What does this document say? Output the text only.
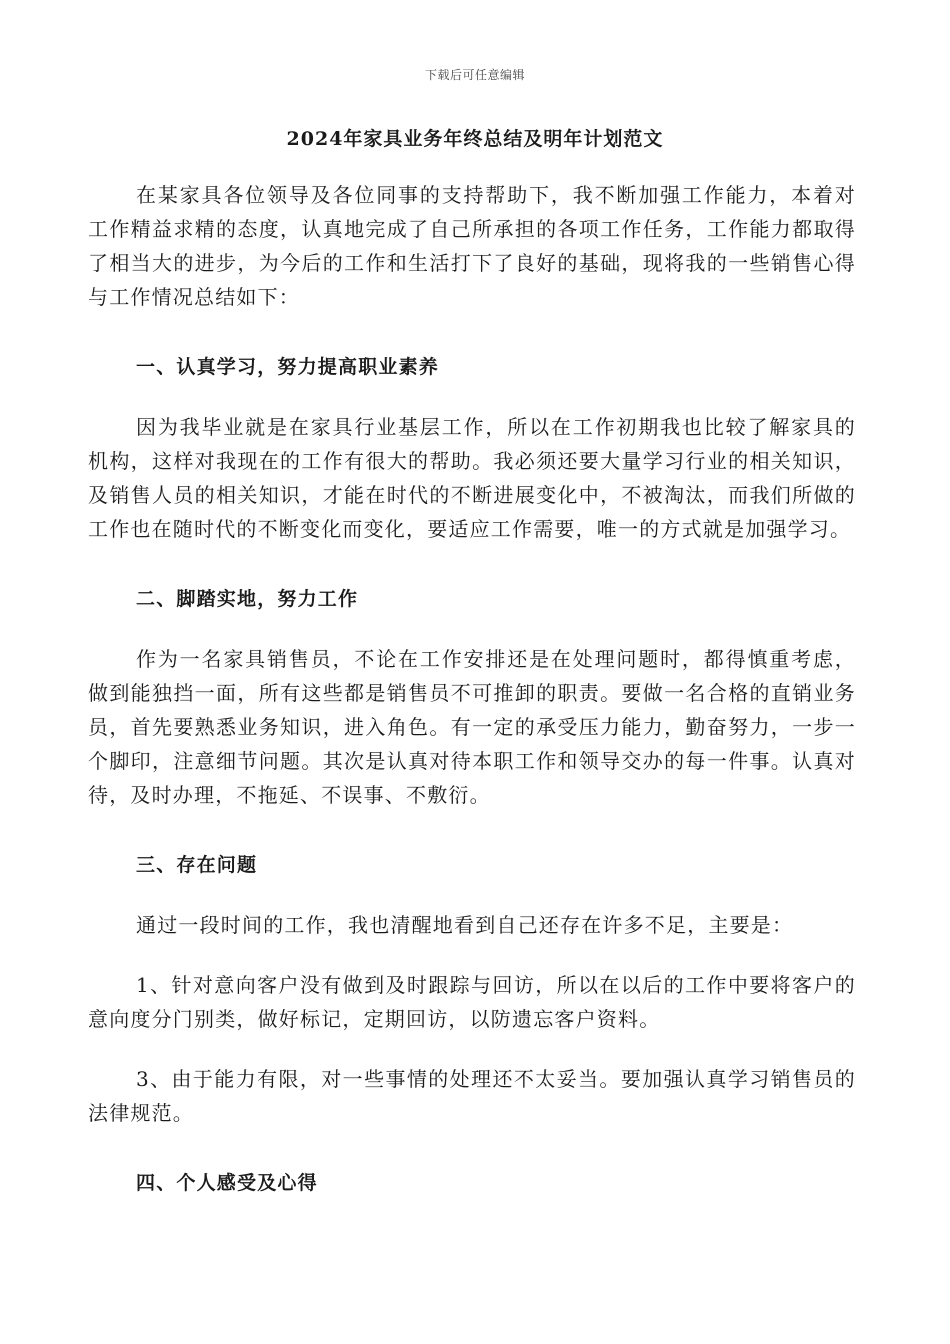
下载后可任意编辑
2024年家具业务年终总结及明年计划范文

在某家具各位领导及各位同事的支持帮助下，我不断加强工作能力，本着对工作精益求精的态度，认真地完成了自己所承担的各项工作任务，工作能力都取得了相当大的进步，为今后的工作和生活打下了良好的基础，现将我的一些销售心得与工作情况总结如下：

一、认真学习，努力提高职业素养

因为我毕业就是在家具行业基层工作，所以在工作初期我也比较了解家具的机构，这样对我现在的工作有很大的帮助。我必须还要大量学习行业的相关知识，及销售人员的相关知识，才能在时代的不断进展变化中，不被淘汰，而我们所做的工作也在随时代的不断变化而变化，要适应工作需要，唯一的方式就是加强学习。

二、脚踏实地，努力工作

作为一名家具销售员，不论在工作安排还是在处理问题时，都得慎重考虑，做到能独挡一面，所有这些都是销售员不可推卸的职责。要做一名合格的直销业务员，首先要熟悉业务知识，进入角色。有一定的承受压力能力，勤奋努力，一步一个脚印，注意细节问题。其次是认真对待本职工作和领导交办的每一件事。认真对待，及时办理，不拖延、不误事、不敷衍。

三、存在问题

通过一段时间的工作，我也清醒地看到自己还存在许多不足，主要是：

1、针对意向客户没有做到及时跟踪与回访，所以在以后的工作中要将客户的意向度分门别类，做好标记，定期回访，以防遗忘客户资料。

3、由于能力有限，对一些事情的处理还不太妥当。要加强认真学习销售员的法律规范。

四、个人感受及心得
